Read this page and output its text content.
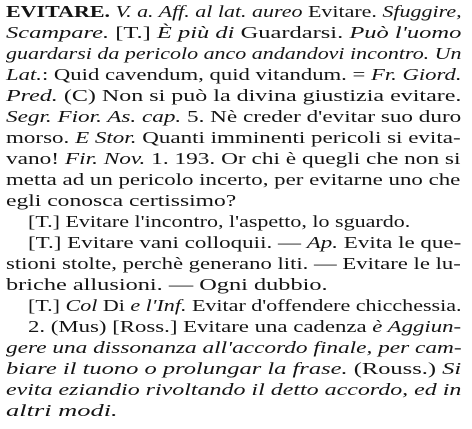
EVITARE. V. a. Aff. al lat. aureo Evitare. Sfuggire,
Scampare. [T.] È più di Guardarsi. Può l'uomo
guardarsi da pericolo anco andandovi incontro. Un
Lat.: Quid cavendum, quid vitandum. = Fr. Giord.
Pred. (C) Non si può la divina giustizia evitare.
Segr. Fior. As. cap. 5. Nè creder d'evitar suo duro
morso. E Stor. Quanti imminenti pericoli si evita-
vano! Fir. Nov. 1. 193. Or chi è quegli che non si
metta ad un pericolo incerto, per evitarne uno che
egli conosca certissimo?
[T.] Evitare l'incontro, l'aspetto, lo sguardo.
[T.] Evitare vani colloquii. — Ap. Evita le que-
stioni stolte, perchè generano liti. — Evitare le lu-
briche allusioni. — Ogni dubbio.
[T.] Col Di e l'Inf. Evitar d'offendere chicchessia.
2. (Mus) [Ross.] Evitare una cadenza è Aggiun-
gere una dissonanza all'accordo finale, per cam-
biare il tuono o prolungar la frase. (Rouss.) Si
evita eziandio rivoltando il detto accordo, ed in
altri modi.
